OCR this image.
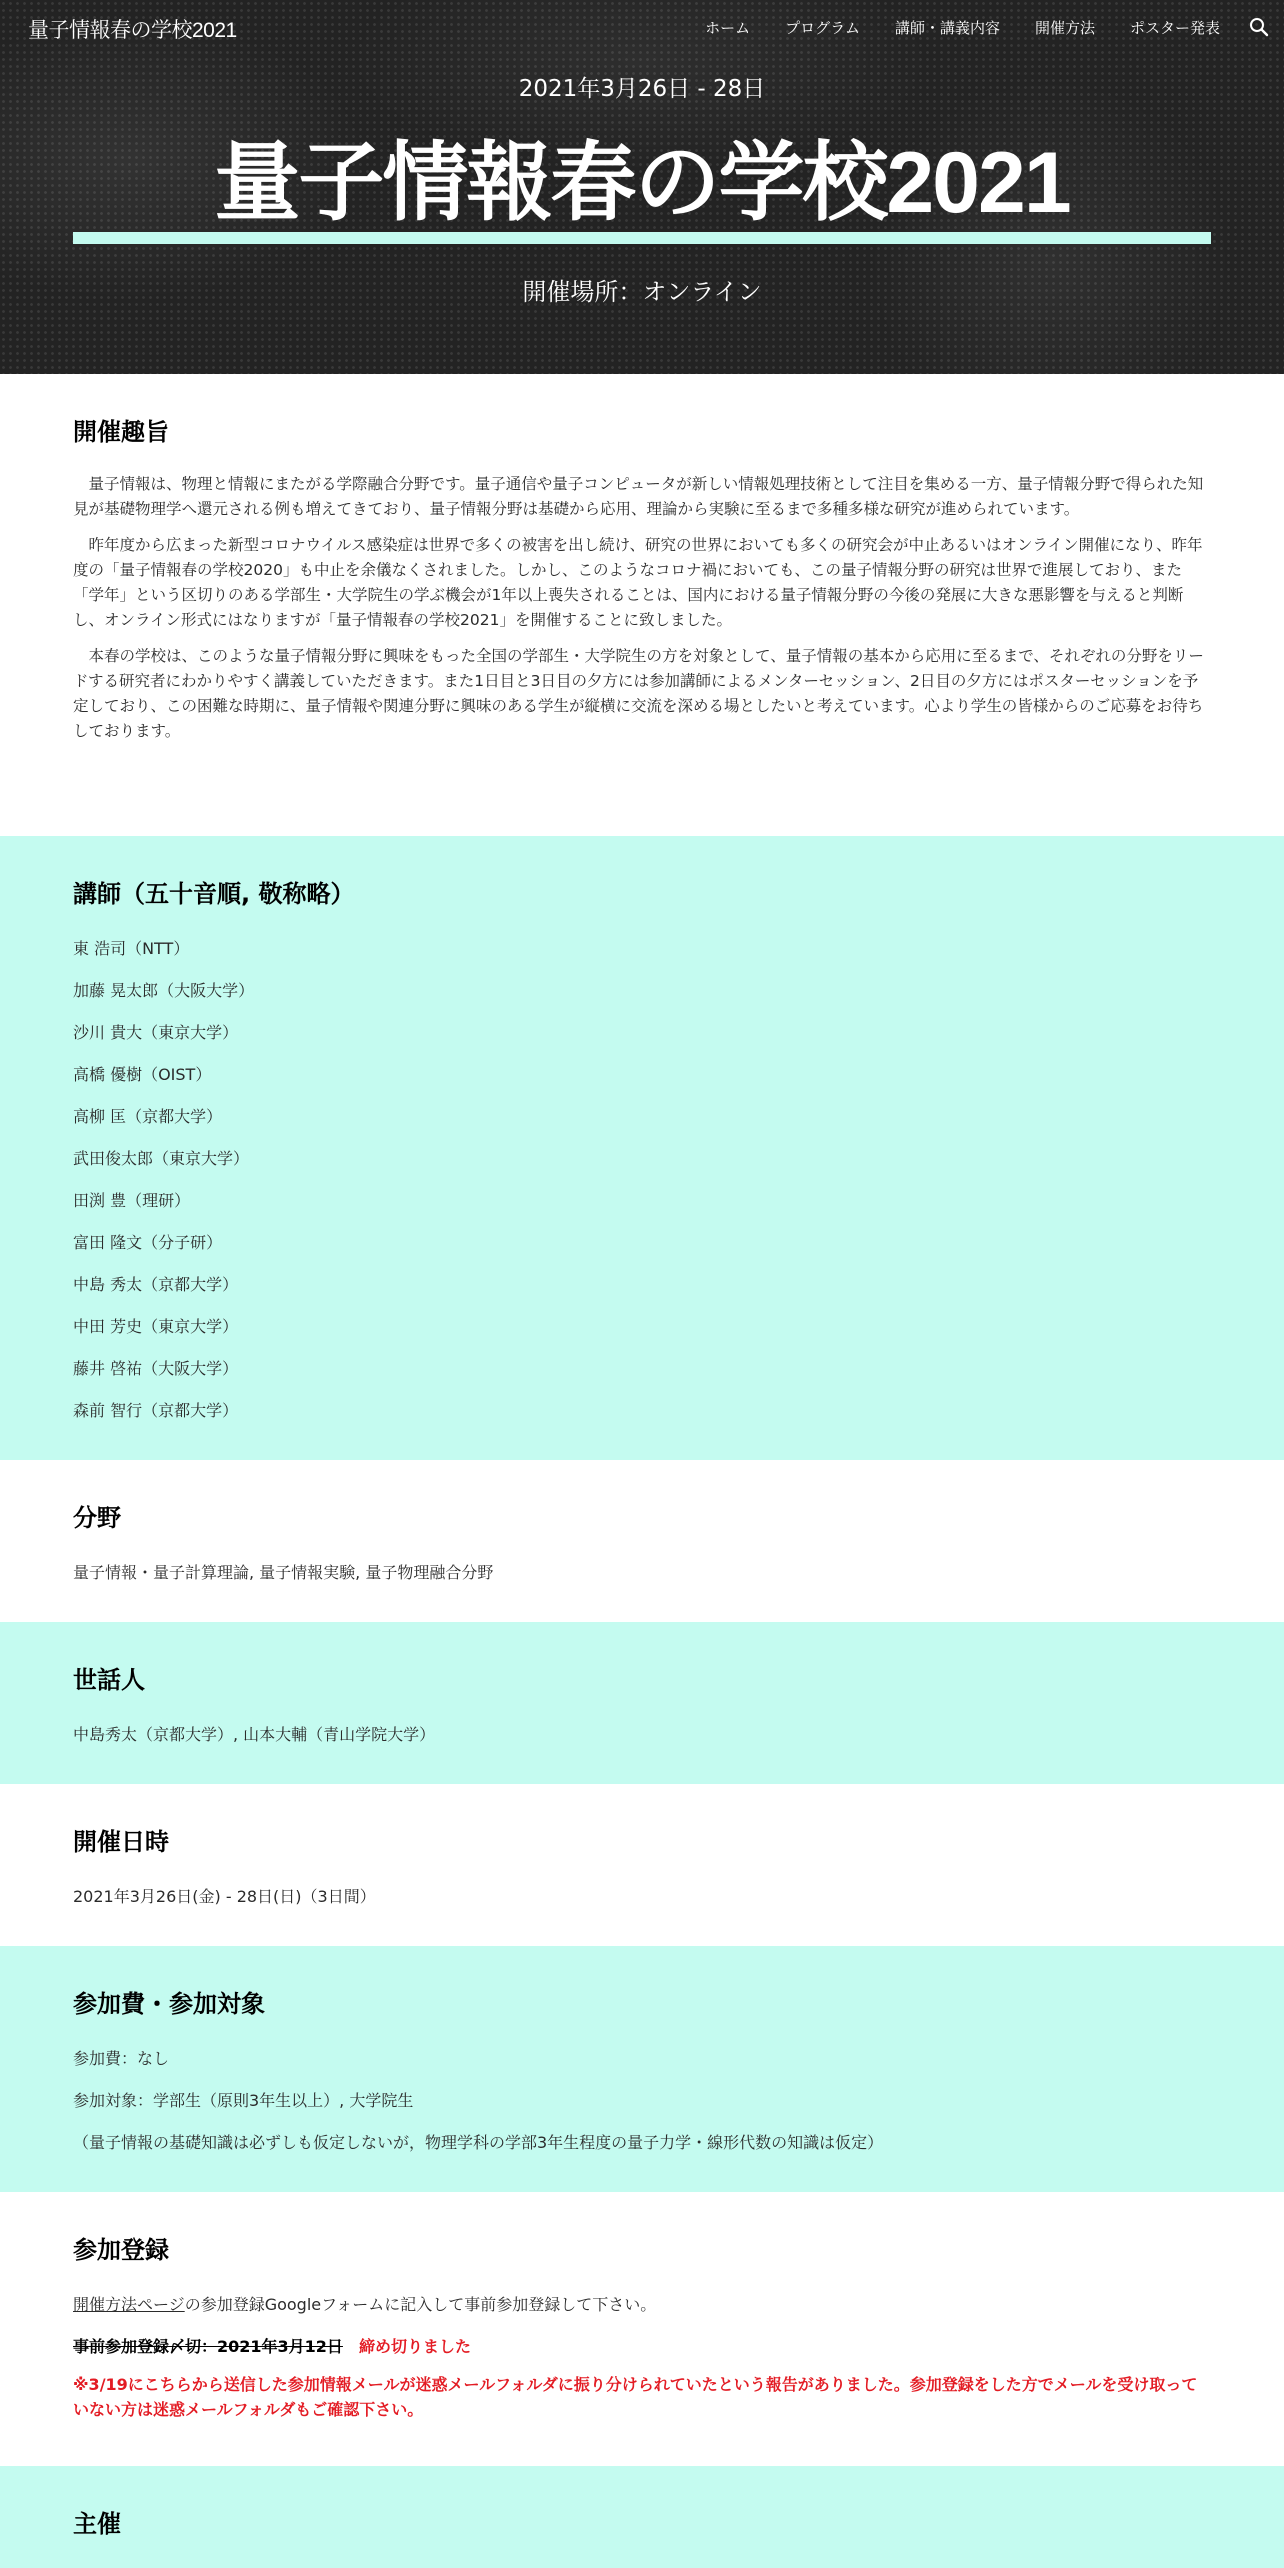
量子情報春の学校2021	ホーム プログラム 講師・講義内容 開催方法 ポスター発表
2021年3月26日 - 28日
量子情報春の学校2021
開催場所：オンライン
開催趣旨

量子情報は、物理と情報にまたがる学際融合分野です。量子通信や量子コンピュータが新しい情報処理技術として注目を集める一方、量子情報分野で得られた知見が基礎物理学へ還元される例も増えてきており、量子情報分野は基礎から応用、理論から実験に至るまで多種多様な研究が進められています。

昨年度から広まった新型コロナウイルス感染症は世界で多くの被害を出し続け、研究の世界においても多くの研究会が中止あるいはオンライン開催になり、昨年度の「量子情報春の学校2020」も中止を余儀なくされました。しかし、このようなコロナ禍においても、この量子情報分野の研究は世界で進展しており、また「学年」という区切りのある学部生・大学院生の学ぶ機会が1年以上喪失されることは、国内における量子情報分野の今後の発展に大きな悪影響を与えると判断し、オンライン形式にはなりますが「量子情報春の学校2021」を開催することに致しました。

本春の学校は、このような量子情報分野に興味をもった全国の学部生・大学院生の方を対象として、量子情報の基本から応用に至るまで、それぞれの分野をリードする研究者にわかりやすく講義していただきます。また1日目と3日目の夕方には参加講師によるメンターセッション、2日目の夕方にはポスターセッションを予定しており、この困難な時期に、量子情報や関連分野に興味のある学生が縦横に交流を深める場としたいと考えています。心より学生の皆様からのご応募をお待ちしております。

講師（五十音順, 敬称略）
東 浩司（NTT）
加藤 晃太郎（大阪大学）
沙川 貴大（東京大学）
高橋 優樹（OIST）
高柳 匡（京都大学）
武田俊太郎（東京大学）
田渕 豊（理研）
富田 隆文（分子研）
中島 秀太（京都大学）
中田 芳史（東京大学）
藤井 啓祐（大阪大学）
森前 智行（京都大学）
分野
量子情報・量子計算理論, 量子情報実験, 量子物理融合分野
世話人
中島秀太（京都大学）, 山本大輔（青山学院大学）
開催日時
2021年3月26日(金) - 28日(日)（3日間）
参加費・参加対象
参加費：なし
参加対象：学部生（原則3年生以上）, 大学院生
（量子情報の基礎知識は必ずしも仮定しないが，物理学科の学部3年生程度の量子力学・線形代数の知識は仮定）
参加登録
開催方法ページの参加登録Googleフォームに記入して事前参加登録して下さい。
事前参加登録〆切：2021年3月12日 締め切りました
※3/19にこちらから送信した参加情報メールが迷惑メールフォルダに振り分けられていたという報告がありました。参加登録をした方でメールを受け取っていない方は迷惑メールフォルダもご確認下さい。
主催
